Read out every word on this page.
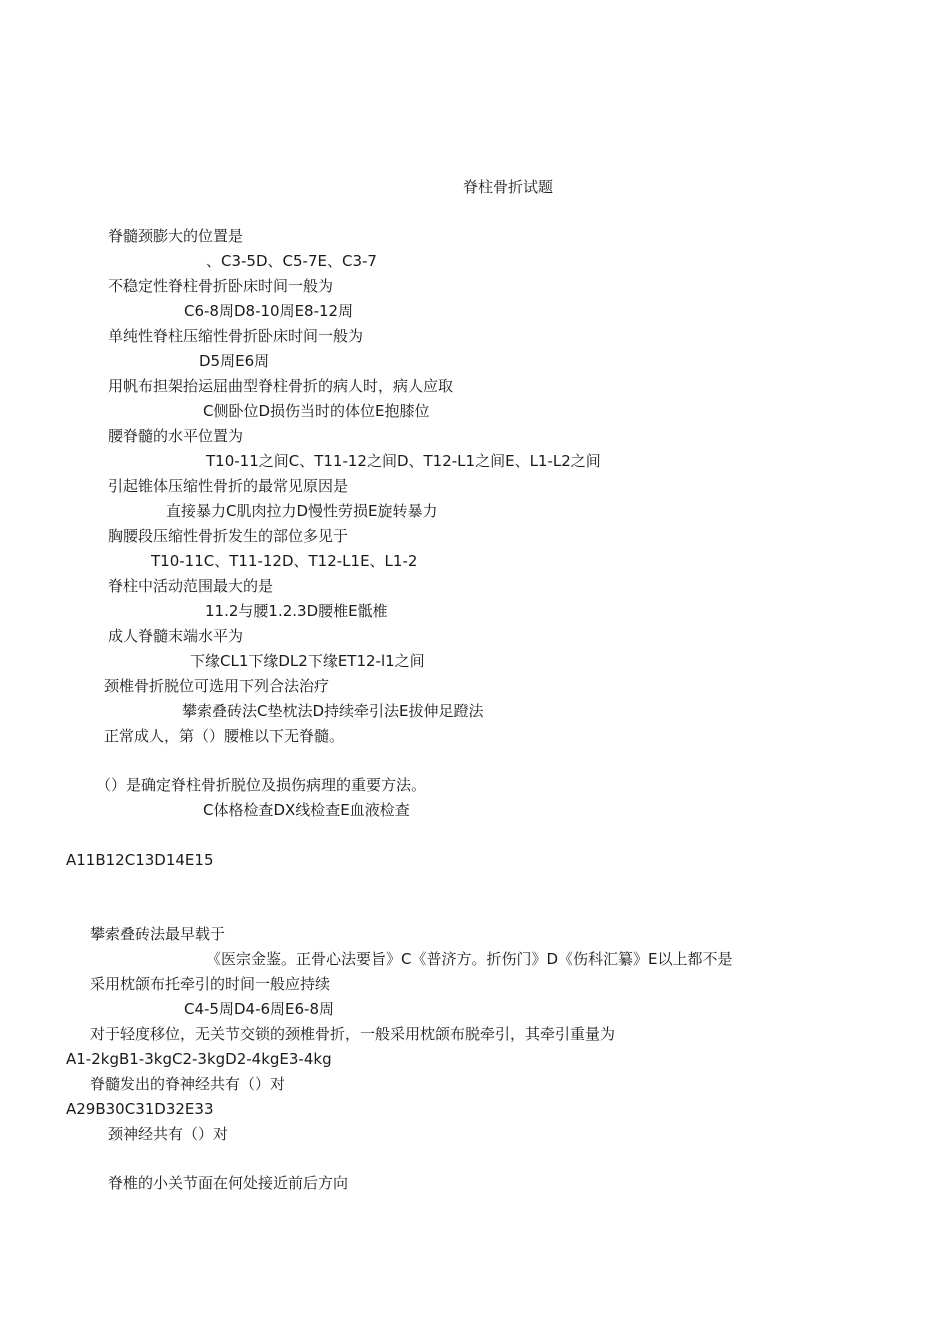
脊柱骨折试题
脊髓颈膨大的位置是
、C3-5D、C5-7E、C3-7
不稳定性脊柱骨折卧床时间一般为
C6-8周D8-10周E8-12周
单纯性脊柱压缩性骨折卧床时间一般为
D5周E6周
用帆布担架抬运屈曲型脊柱骨折的病人时，病人应取
C侧卧位D损伤当时的体位E抱膝位
腰脊髓的水平位置为
T10-11之间C、T11-12之间D、T12-L1之间E、L1-L2之间
引起锥体压缩性骨折的最常见原因是
直接暴力C肌肉拉力D慢性劳损E旋转暴力
胸腰段压缩性骨折发生的部位多见于
T10-11C、T11-12D、T12-L1E、L1-2
脊柱中活动范围最大的是
11.2与腰1.2.3D腰椎E骶椎
成人脊髓末端水平为
下缘CL1下缘DL2下缘ET12-l1之间
颈椎骨折脱位可选用下列合法治疗
攀索叠砖法C垫枕法D持续牵引法E拔伸足蹬法
正常成人，第（）腰椎以下无脊髓。
（）是确定脊柱骨折脱位及损伤病理的重要方法。
C体格检查DX线检查E血液检查
A11B12C13D14E15
攀索叠砖法最早载于
《医宗金鉴。正骨心法要旨》C《普济方。折伤门》D《伤科汇纂》E以上都不是
采用枕颌布托牵引的时间一般应持续
C4-5周D4-6周E6-8周
对于轻度移位，无关节交锁的颈椎骨折，一般采用枕颌布脱牵引，其牵引重量为
A1-2kgB1-3kgC2-3kgD2-4kgE3-4kg
脊髓发出的脊神经共有（）对
A29B30C31D32E33
颈神经共有（）对
脊椎的小关节面在何处接近前后方向
